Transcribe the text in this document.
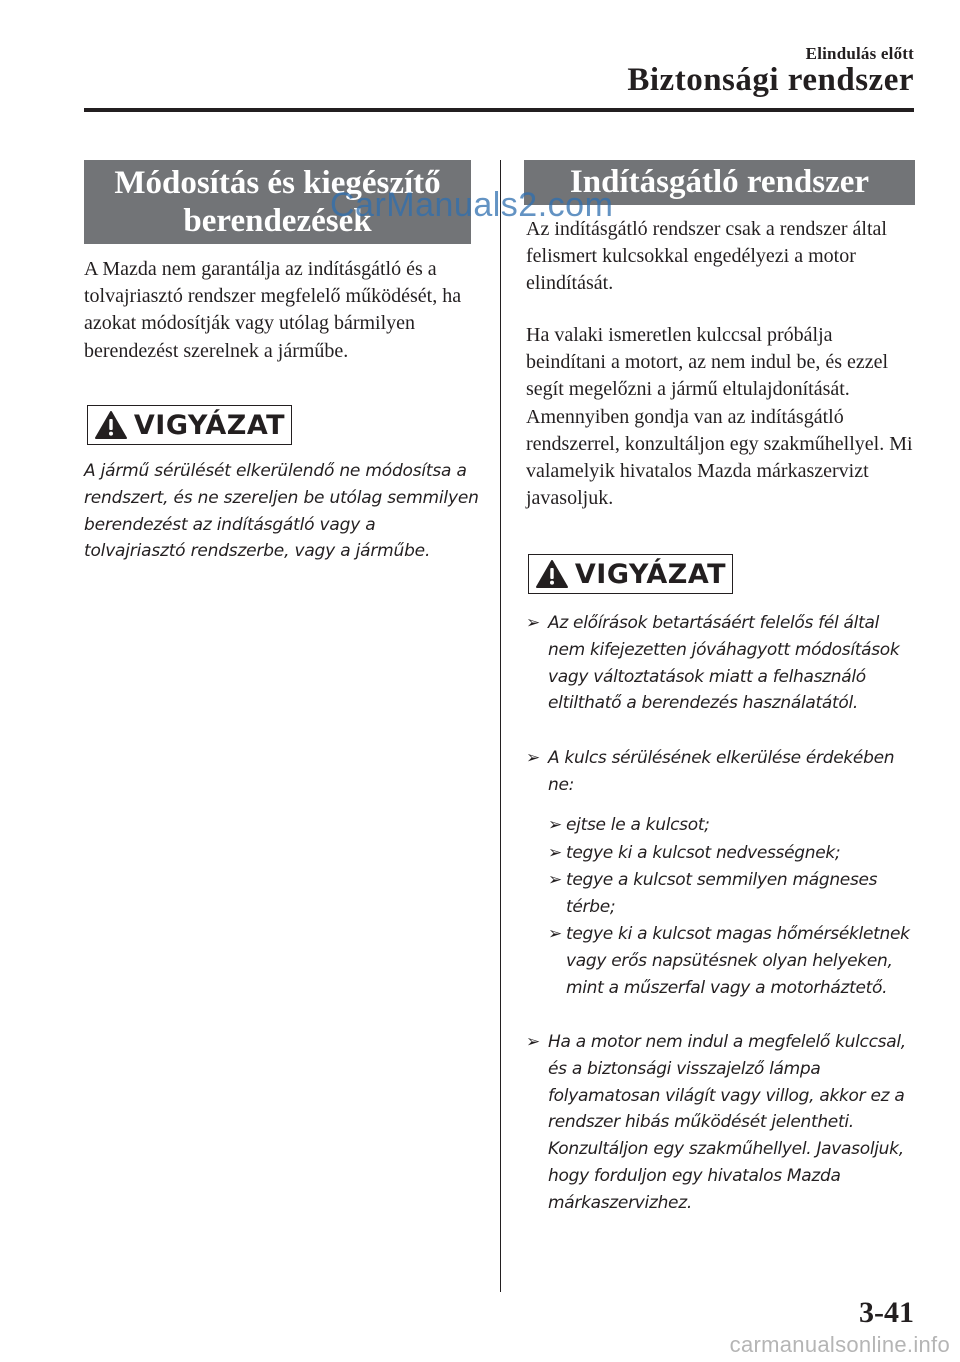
Elindulás előtt
Biztonsági rendszer
Módosítás és kiegészítő berendezések
A Mazda nem garantálja az indításgátló és a tolvajriasztó rendszer megfelelő működését, ha azokat módosítják vagy utólag bármilyen berendezést szerelnek a járműbe.
VIGYÁZAT
A jármű sérülését elkerülendő ne módosítsa a rendszert, és ne szereljen be utólag semmilyen berendezést az indításgátló vagy a tolvajriasztó rendszerbe, vagy a járműbe.
Indításgátló rendszer
Az indításgátló rendszer csak a rendszer által felismert kulcsokkal engedélyezi a motor elindítását.
Ha valaki ismeretlen kulccsal próbálja beindítani a motort, az nem indul be, és ezzel segít megelőzni a jármű eltulajdonítását.
Amennyiben gondja van az indításgátló rendszerrel, konzultáljon egy szakműhellyel. Mi valamelyik hivatalos Mazda márkaszervizt javasoljuk.
VIGYÁZAT
➢ Az előírások betartásáért felelős fél által nem kifejezetten jóváhagyott módosítások vagy változtatások miatt a felhasználó eltilthatő a berendezés használatától.
➢ A kulcs sérülésének elkerülése érdekében ne:
➢ ejtse le a kulcsot;
➢ tegye ki a kulcsot nedvességnek;
➢ tegye a kulcsot semmilyen mágneses térbe;
➢ tegye ki a kulcsot magas hőmérsékletnek vagy erős napsütésnek olyan helyeken, mint a műszerfal vagy a motorháztető.
➢ Ha a motor nem indul a megfelelő kulccsal, és a biztonsági visszajelző lámpa folyamatosan világít vagy villog, akkor ez a rendszer hibás működését jelentheti. Konzultáljon egy szakműhellyel. Javasoljuk, hogy forduljon egy hivatalos Mazda márkaszervizhez.
3-41
CarManuals2.com
carmanualsonline.info
